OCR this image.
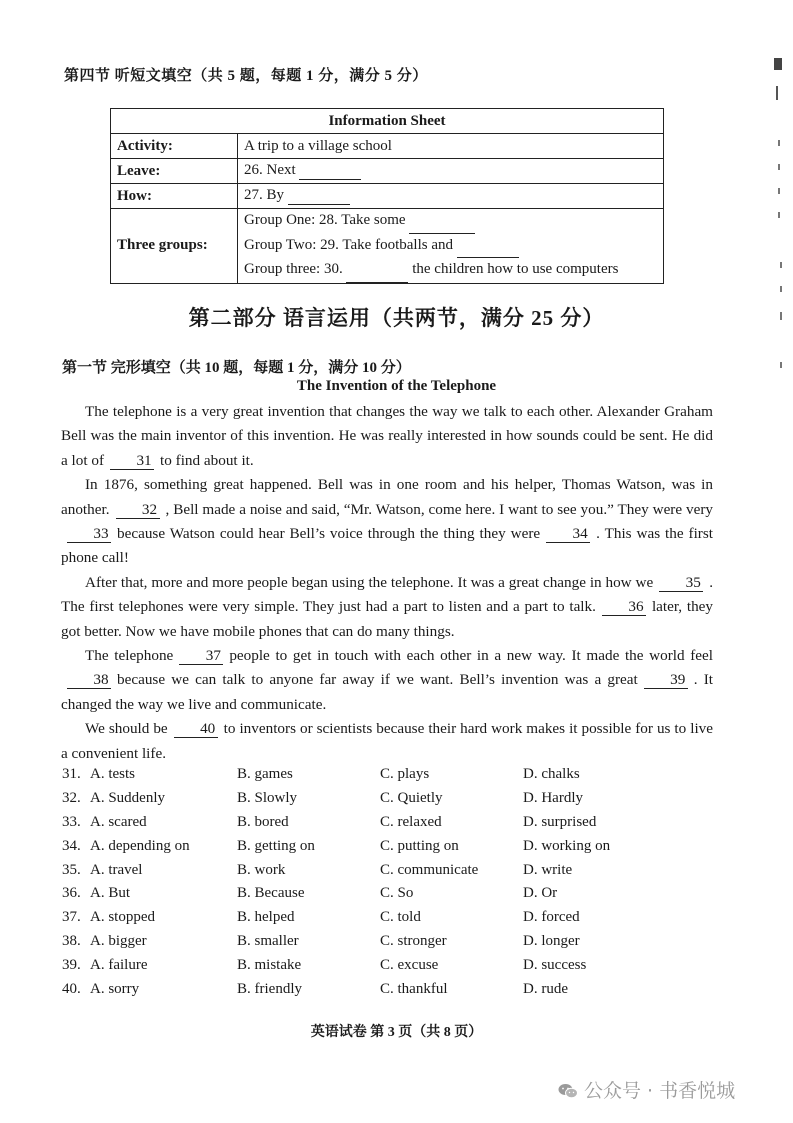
第四节 听短文填空（共 5 题，每题 1 分，满分 5 分）
Information Sheet	
Activity:	A trip to a village school
Leave:	26. Next
How:	27. By
Three groups:	Group One: 28. Take some
Group Two: 29. Take footballs and
Group three: 30. the children how to use computers
第二部分 语言运用（共两节，满分 25 分）
第一节 完形填空（共 10 题，每题 1 分，满分 10 分）
The Invention of the Telephone

The telephone is a very great invention that changes the way we talk to each other. Alexander Graham Bell was the main inventor of this invention. He was really interested in how sounds could be sent. He did a lot of 31 to find about it.

In 1876, something great happened. Bell was in one room and his helper, Thomas Watson, was in another. 32 , Bell made a noise and said, “Mr. Watson, come here. I want to see you.” They were very33 because Watson could hear Bell’s voice through the thing they were 34 . This was the first phone call!

After that, more and more people began using the telephone. It was a great change in how we 35 . The first telephones were very simple. They just had a part to listen and a part to talk. 36 later, they got better. Now we have mobile phones that can do many things.

The telephone 37 people to get in touch with each other in a new way. It made the world feel38 because we can talk to anyone far away if we want. Bell’s invention was a great 39 . It changed the way we live and communicate.

We should be 40 to inventors or scientists because their hard work makes it possible for us to live a convenient life.

31. A. tests	B. games	C. plays	D. chalks
32. A. Suddenly	B. Slowly	C. Quietly	D. Hardly
33. A. scared	B. bored	C. relaxed	D. surprised
34. A. depending on	B. getting on	C. putting on	D. working on
35. A. travel	B. work	C. communicate	D. write
36. A. But	B. Because	C. So	D. Or
37. A. stopped	B. helped	C. told	D. forced
38. A. bigger	B. smaller	C. stronger	D. longer
39. A. failure	B. mistake	C. excuse	D. success
40. A. sorry	B. friendly	C. thankful	D. rude
英语试卷 第 3 页（共 8 页）
公众号 · 书香悦城
